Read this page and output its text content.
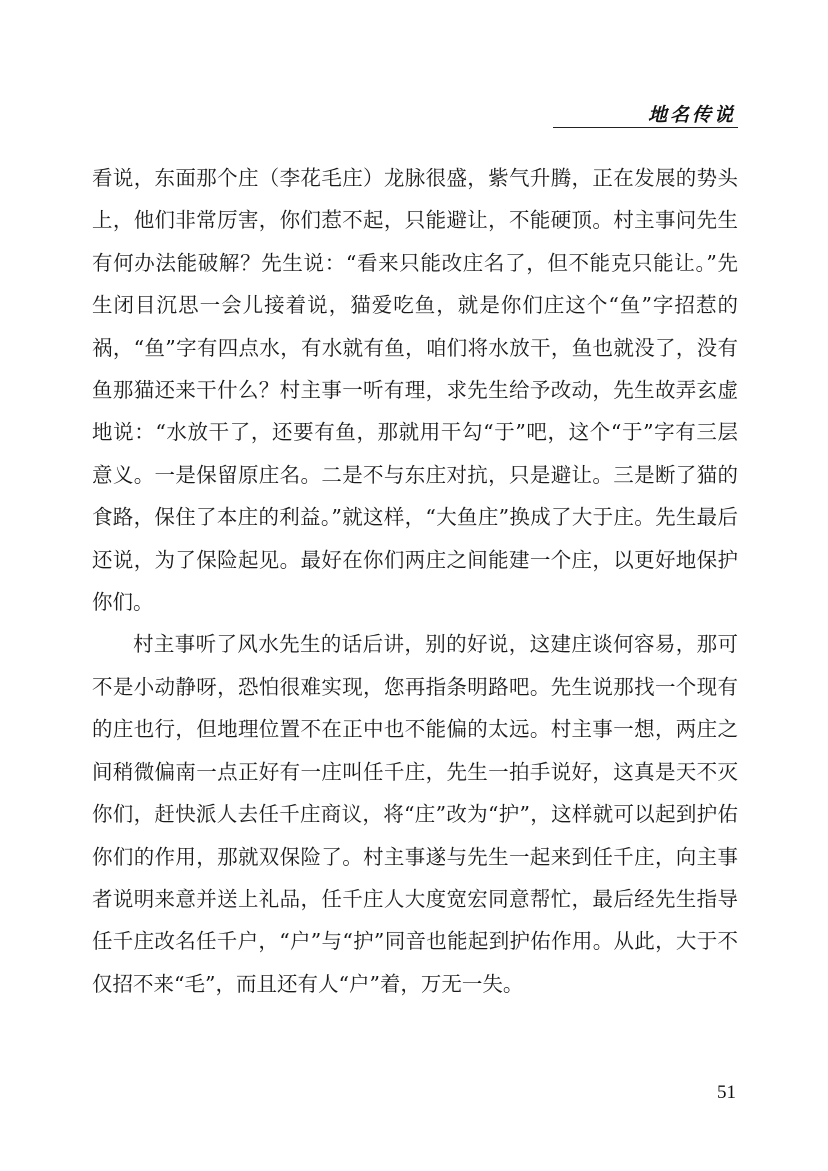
地名传说

看说，东面那个庄（李花毛庄）龙脉很盛，紫气升腾，正在发展的势头上，他们非常厉害，你们惹不起，只能避让，不能硬顶。村主事问先生有何办法能破解？先生说：“看来只能改庄名了，但不能克只能让。”先生闭目沉思一会儿接着说，猫爱吃鱼，就是你们庄这个“鱼”字招惹的祸，“鱼”字有四点水，有水就有鱼，咱们将水放干，鱼也就没了，没有鱼那猫还来干什么？村主事一听有理，求先生给予改动，先生故弄玄虚地说：“水放干了，还要有鱼，那就用干勾“于”吧，这个“于”字有三层意义。一是保留原庄名。二是不与东庄对抗，只是避让。三是断了猫的食路，保住了本庄的利益。”就这样，“大鱼庄”换成了大于庄。先生最后还说，为了保险起见。最好在你们两庄之间能建一个庄，以更好地保护你们。

村主事听了风水先生的话后讲，别的好说，这建庄谈何容易，那可不是小动静呀，恐怕很难实现，您再指条明路吧。先生说那找一个现有的庄也行，但地理位置不在正中也不能偏的太远。村主事一想，两庄之间稍微偏南一点正好有一庄叫任千庄，先生一拍手说好，这真是天不灭你们，赶快派人去任千庄商议，将“庄”改为“护”，这样就可以起到护佑你们的作用，那就双保险了。村主事遂与先生一起来到任千庄，向主事者说明来意并送上礼品，任千庄人大度宽宏同意帮忙，最后经先生指导任千庄改名任千户，“户”与“护”同音也能起到护佑作用。从此，大于不仅招不来“毛”，而且还有人“户”着，万无一失。

51
